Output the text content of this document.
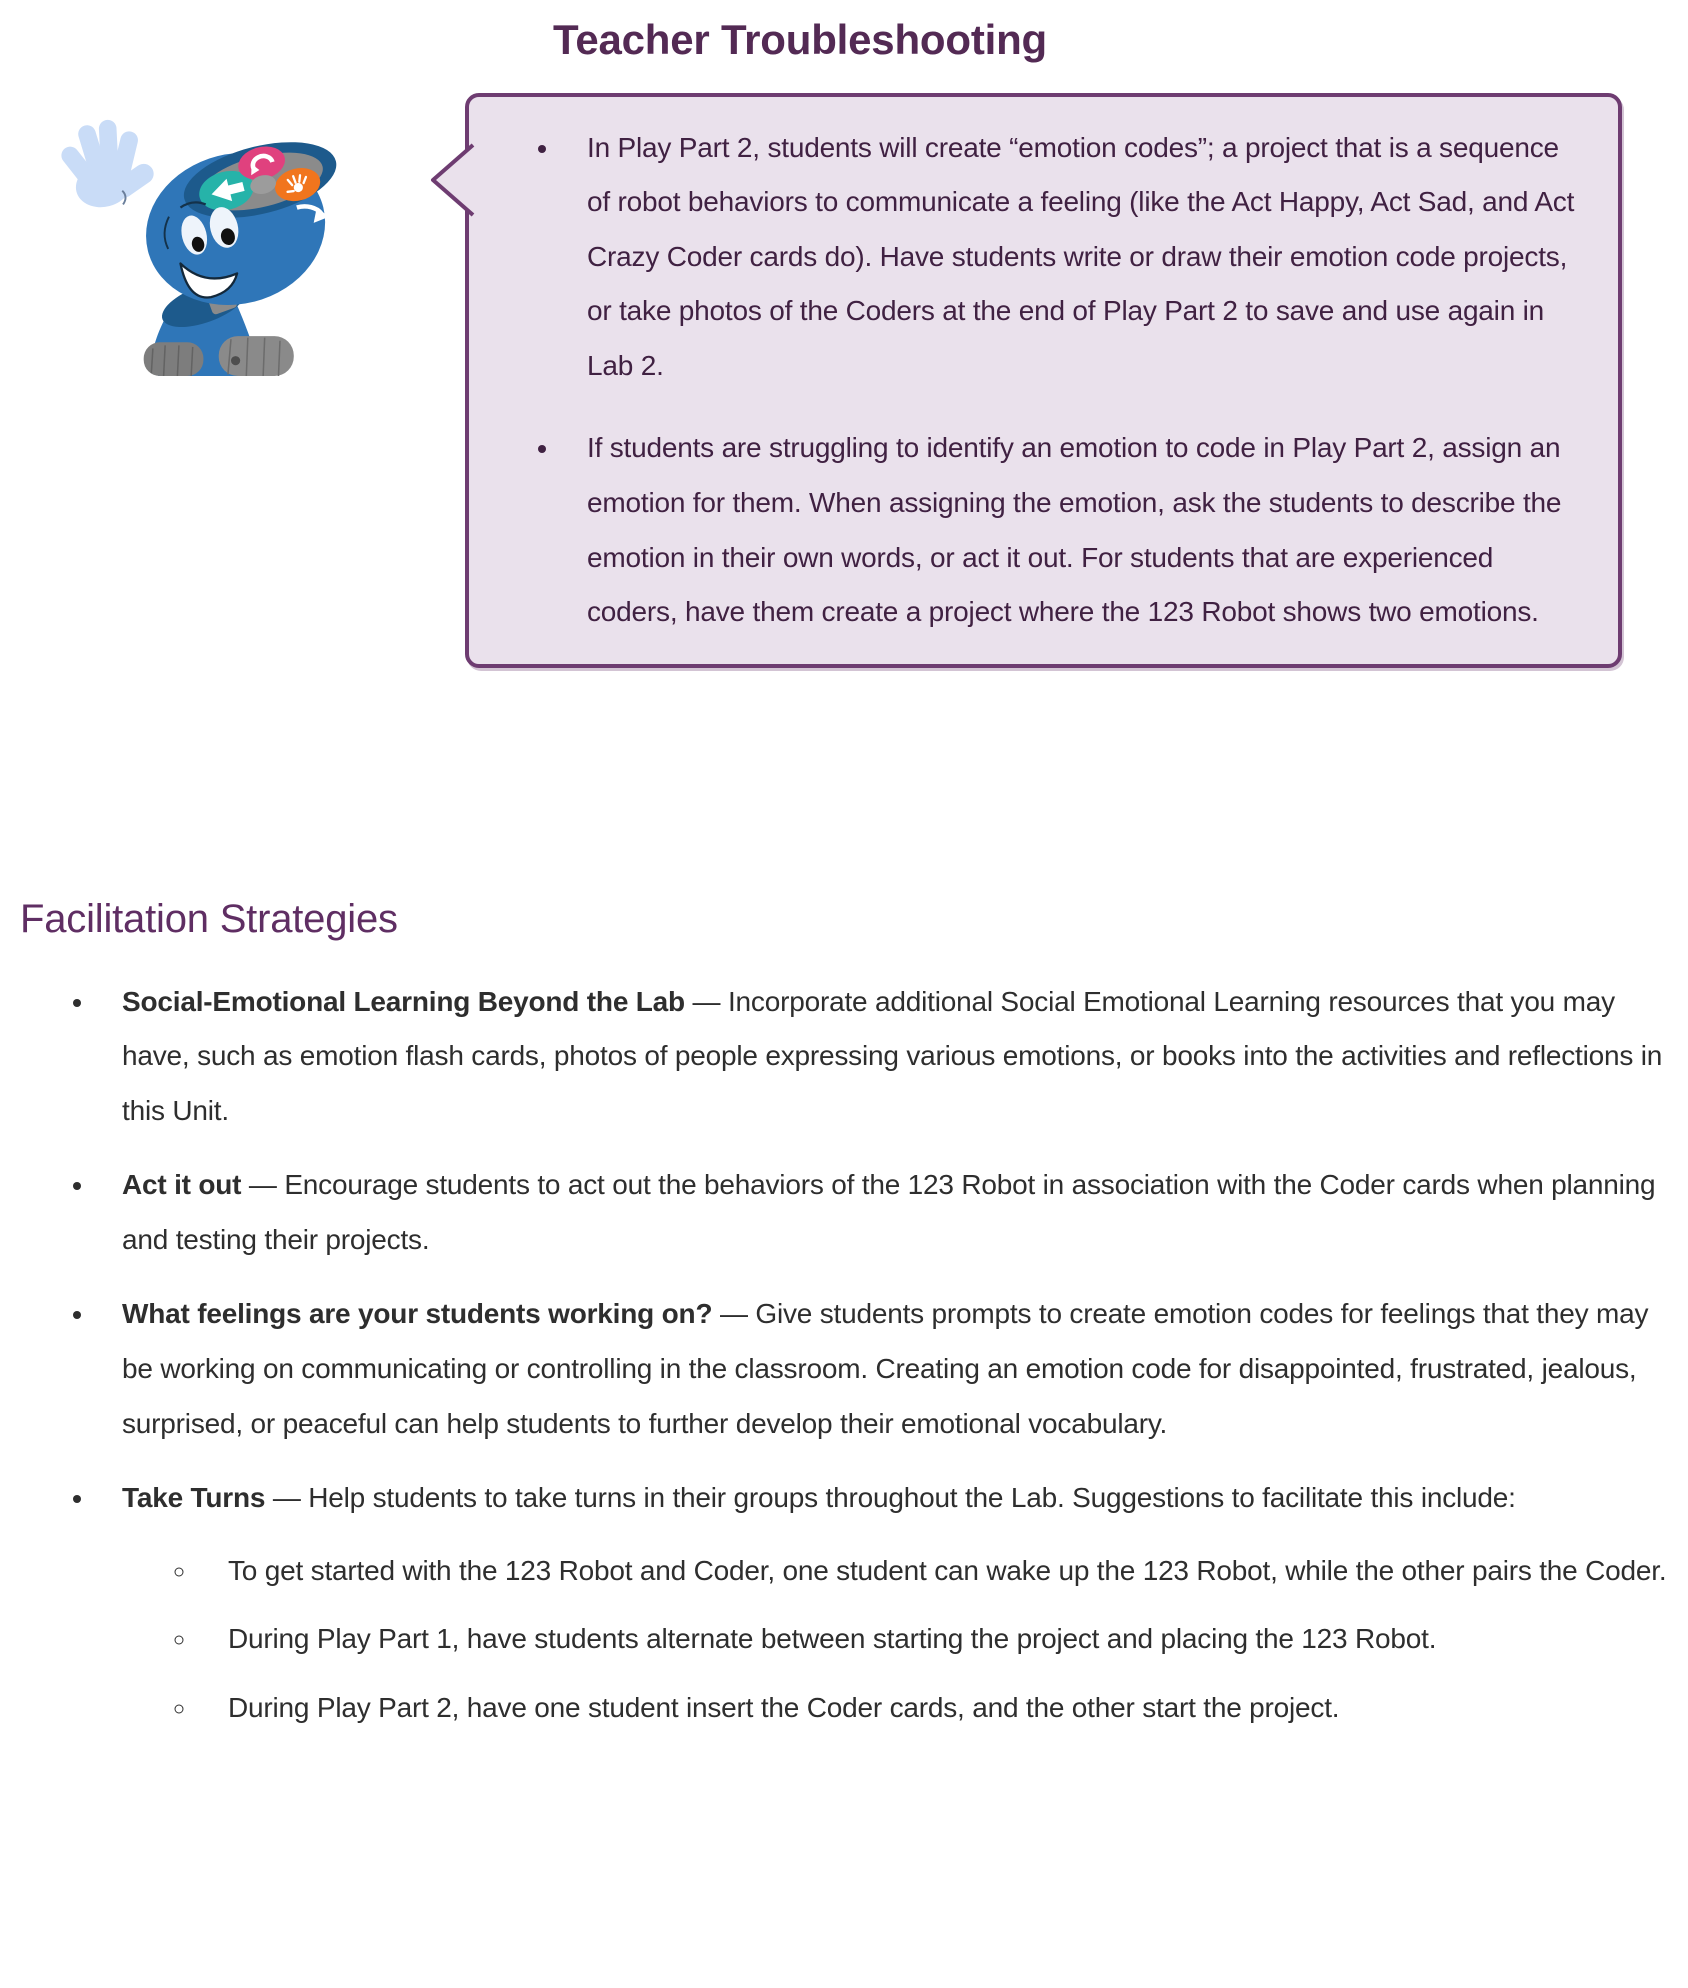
Teacher Troubleshooting
• In Play Part 2, students will create “emotion codes”; a project that is a sequence of robot behaviors to communicate a feeling (like the Act Happy, Act Sad, and Act Crazy Coder cards do). Have students write or draw their emotion code projects, or take photos of the Coders at the end of Play Part 2 to save and use again in Lab 2.
• If students are struggling to identify an emotion to code in Play Part 2, assign an emotion for them. When assigning the emotion, ask the students to describe the emotion in their own words, or act it out. For students that are experienced coders, have them create a project where the 123 Robot shows two emotions.
Facilitation Strategies
• Social-Emotional Learning Beyond the Lab — Incorporate additional Social Emotional Learning resources that you may have, such as emotion flash cards, photos of people expressing various emotions, or books into the activities and reflections in this Unit.
• Act it out — Encourage students to act out the behaviors of the 123 Robot in association with the Coder cards when planning and testing their projects.
• What feelings are your students working on? — Give students prompts to create emotion codes for feelings that they may be working on communicating or controlling in the classroom. Creating an emotion code for disappointed, frustrated, jealous, surprised, or peaceful can help students to further develop their emotional vocabulary.
• Take Turns — Help students to take turns in their groups throughout the Lab. Suggestions to facilitate this include:
◦ To get started with the 123 Robot and Coder, one student can wake up the 123 Robot, while the other pairs the Coder.
◦ During Play Part 1, have students alternate between starting the project and placing the 123 Robot.
◦ During Play Part 2, have one student insert the Coder cards, and the other start the project.
